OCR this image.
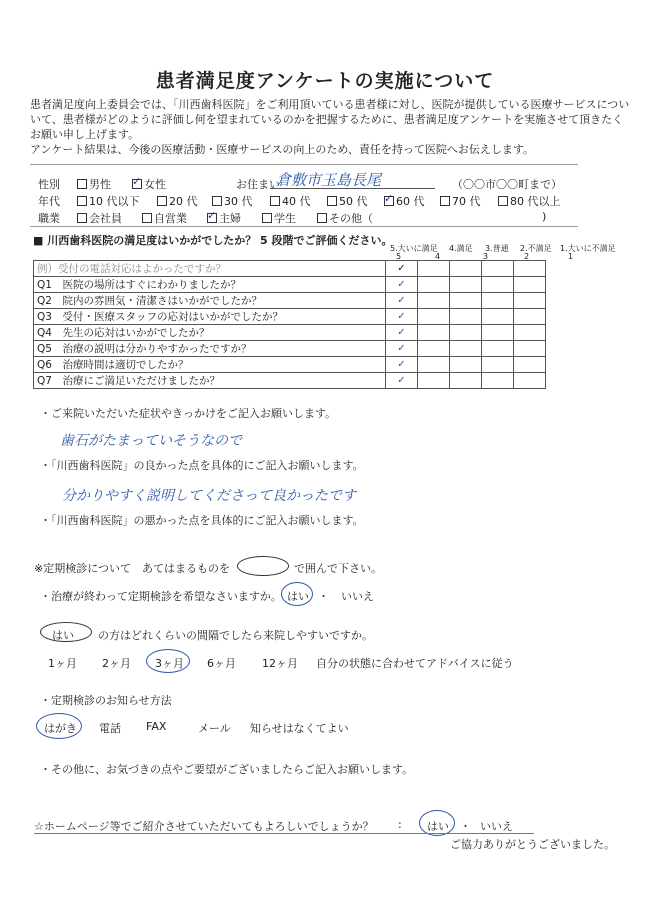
患者満足度アンケートの実施について
患者満足度向上委員会では、「川西歯科医院」をご利用頂いている患者様に対し、医院が提供している医療サービスについ
いて、患者様がどのように評価し何を望まれているのかを把握するために、患者満足度アンケートを実施させて頂きたく
お願い申し上げます。
アンケート結果は、今後の医療活動・医療サービスの向上のため、責任を持って医院へお伝えします。
性別	男性 ✓	女性	お住まい
倉敷市玉島長尾	（〇〇市〇〇町まで）
年代	10 代以下	20 代	30 代	40 代	50 代 ✓	60 代	70 代	80 代以上
職業	会社員	自営業 ✓	主婦	学生	その他（	)
■ 川西歯科医院の満足度はいかがでしたか？ 5 段階でご評価ください。
5.大いに満足 4.満足 3.普通 2.不満足 1.大いに不満足
5	4	3	2	1
例）受付の電話対応はよかったですか？	✓				
Q1　 医院の場所はすぐにわかりましたか？	✓				
Q2　 院内の雰囲気・清潔さはいかがでしたか？	✓				
Q3　 受付・医療スタッフの応対はいかがでしたか？	✓				
Q4　 先生の応対はいかがでしたか？	✓				
Q5　 治療の説明は分かりやすかったですか？	✓				
Q6　 治療時間は適切でしたか？	✓				
Q7　 治療にご満足いただけましたか？	✓				
・ご来院いただいた症状やきっかけをご記入お願いします。
歯石がたまっていそうなので
・「川西歯科医院」の良かった点を具体的にご記入お願いします。
分かりやすく説明してくださって良かったです
・「川西歯科医院」の悪かった点を具体的にご記入お願いします。
※定期検診について　あてはまるものを	で囲んで下さい。
・治療が終わって定期検診を希望なさいますか。 はい ・ いいえ
はい の方はどれくらいの間隔でしたら来院しやすいですか。
1ヶ月 2ヶ月 3ヶ月 6ヶ月 12ヶ月 自分の状態に合わせてアドバイスに従う
・定期検診のお知らせ方法
はがき 電話 FAX	メール 知らせはなくてよい
・その他に、お気づきの点やご要望がございましたらご記入お願いします。
☆ホームページ等でご紹介させていただいてもよろしいでしょうか？ : はい ・ いいえ
ご協力ありがとうございました。
